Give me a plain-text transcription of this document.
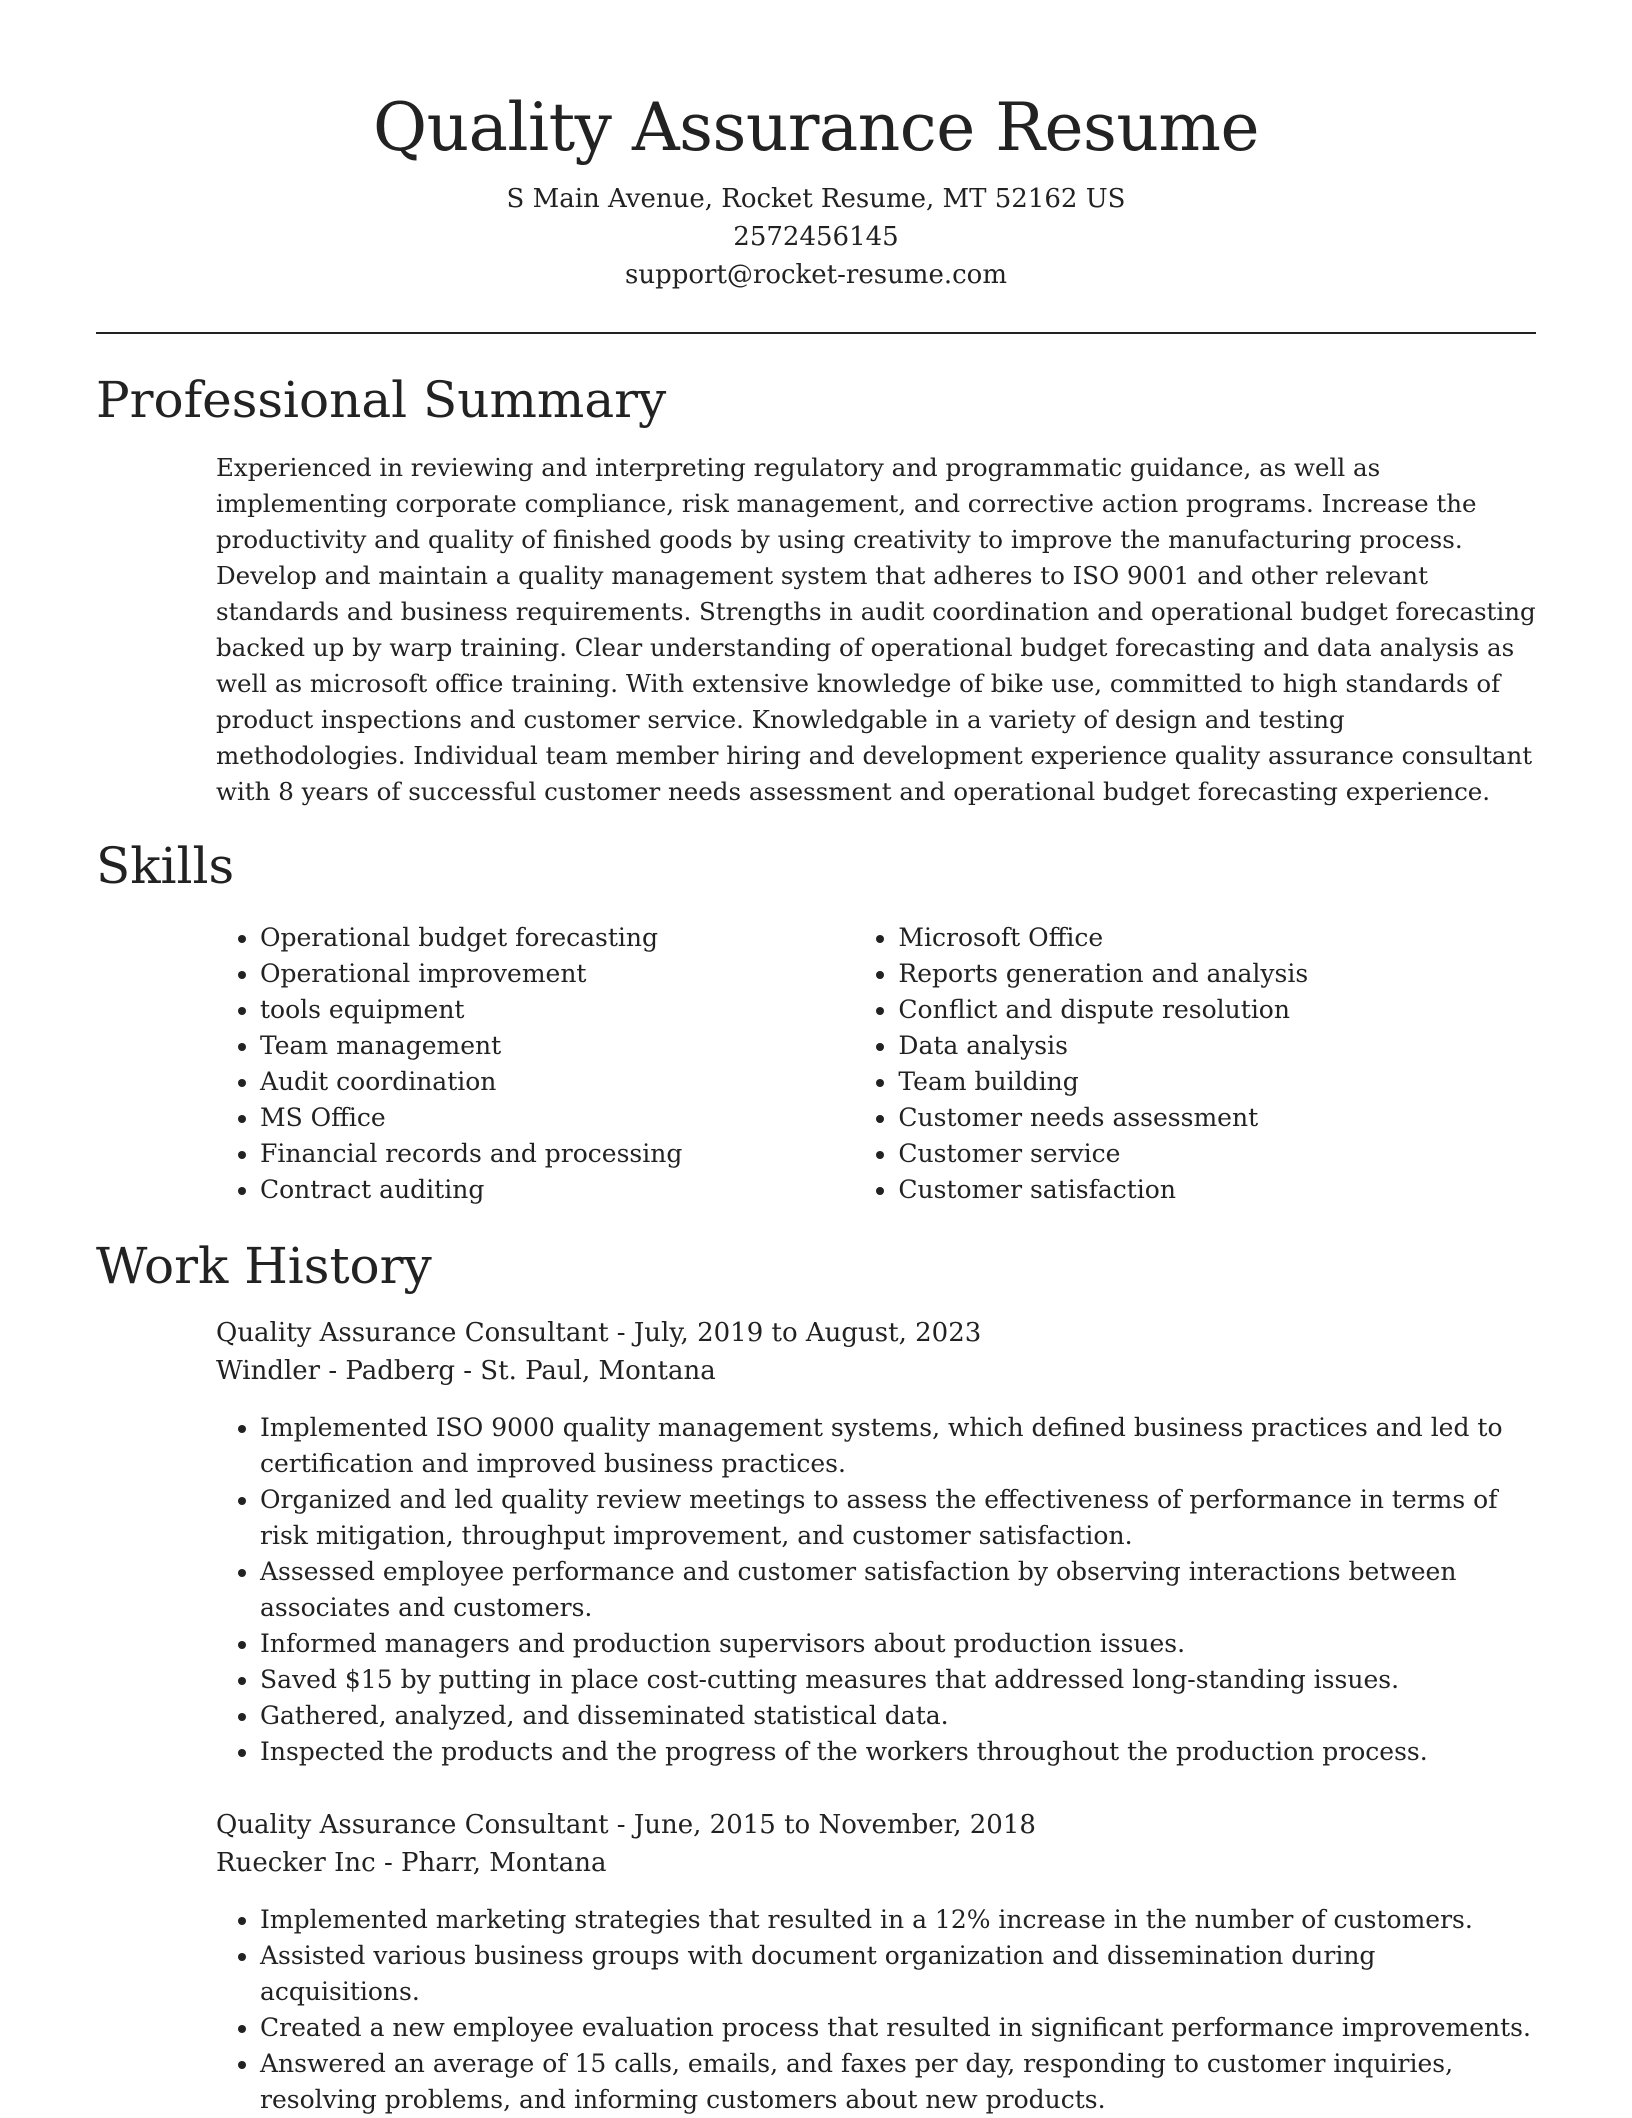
Quality Assurance Resume
S Main Avenue, Rocket Resume, MT 52162 US
2572456145
support@rocket-resume.com
Professional Summary
Experienced in reviewing and interpreting regulatory and programmatic guidance, as well as implementing corporate compliance, risk management, and corrective action programs. Increase the productivity and quality of finished goods by using creativity to improve the manufacturing process. Develop and maintain a quality management system that adheres to ISO 9001 and other relevant standards and business requirements. Strengths in audit coordination and operational budget forecasting backed up by warp training. Clear understanding of operational budget forecasting and data analysis as well as microsoft office training. With extensive knowledge of bike use, committed to high standards of product inspections and customer service. Knowledgable in a variety of design and testing methodologies. Individual team member hiring and development experience quality assurance consultant with 8 years of successful customer needs assessment and operational budget forecasting experience.
Skills
• Operational budget forecasting
• Operational improvement
• tools equipment
• Team management
• Audit coordination
• MS Office
• Financial records and processing
• Contract auditing
• Microsoft Office
• Reports generation and analysis
• Conflict and dispute resolution
• Data analysis
• Team building
• Customer needs assessment
• Customer service
• Customer satisfaction
Work History
Quality Assurance Consultant - July, 2019 to August, 2023
Windler - Padberg - St. Paul, Montana
• Implemented ISO 9000 quality management systems, which defined business practices and led to certification and improved business practices.
• Organized and led quality review meetings to assess the effectiveness of performance in terms of risk mitigation, throughput improvement, and customer satisfaction.
• Assessed employee performance and customer satisfaction by observing interactions between associates and customers.
• Informed managers and production supervisors about production issues.
• Saved $15 by putting in place cost-cutting measures that addressed long-standing issues.
• Gathered, analyzed, and disseminated statistical data.
• Inspected the products and the progress of the workers throughout the production process.
Quality Assurance Consultant - June, 2015 to November, 2018
Ruecker Inc - Pharr, Montana
• Implemented marketing strategies that resulted in a 12% increase in the number of customers.
• Assisted various business groups with document organization and dissemination during acquisitions.
• Created a new employee evaluation process that resulted in significant performance improvements.
• Answered an average of 15 calls, emails, and faxes per day, responding to customer inquiries, resolving problems, and informing customers about new products.
